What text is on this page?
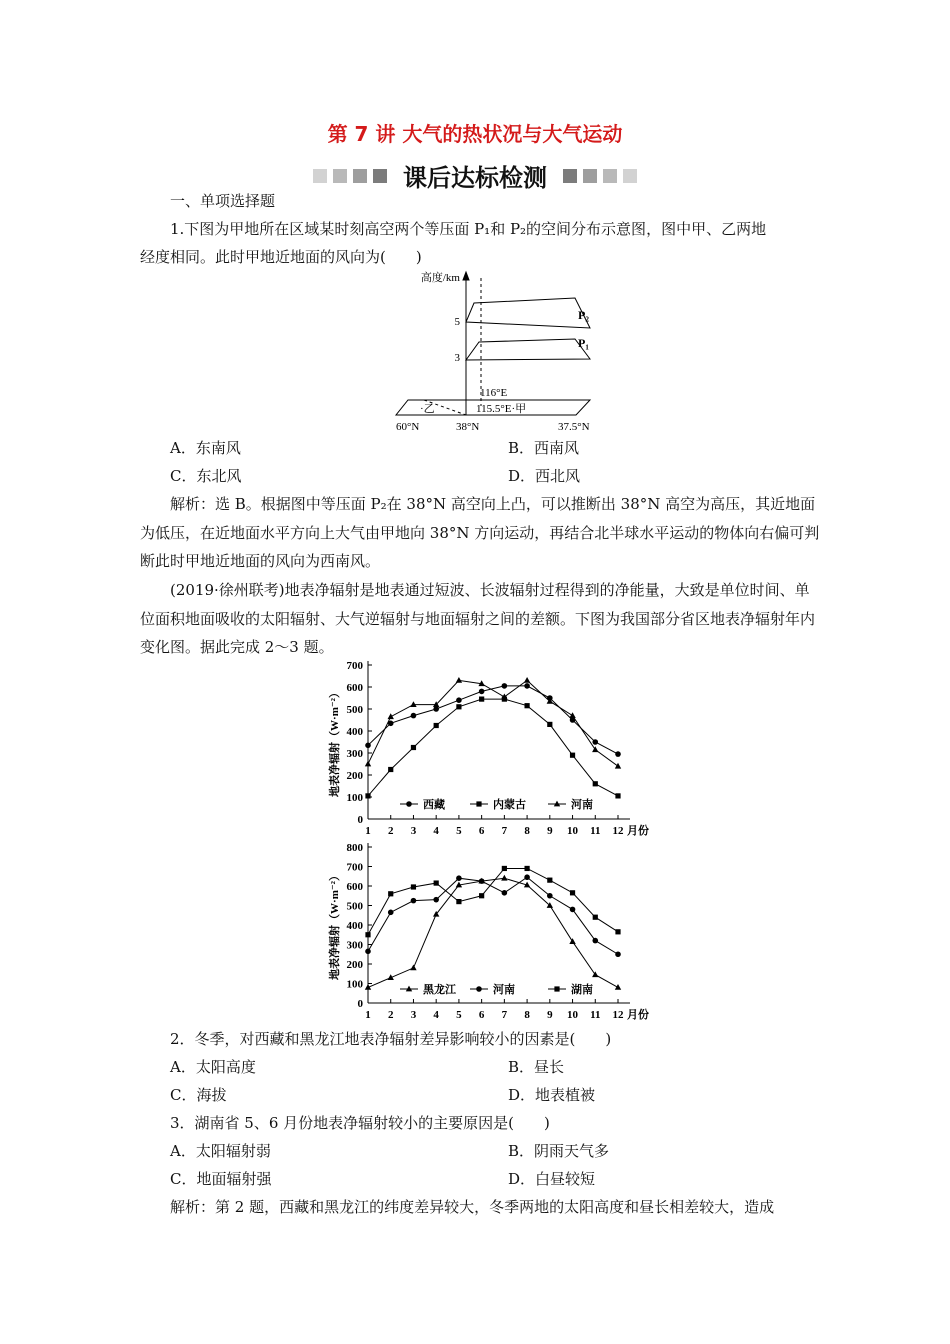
第 7 讲 大气的热状况与大气运动
课后达标检测
一、单项选择题
1.下图为甲地所在区域某时刻高空两个等压面 P₁和 P₂的空间分布示意图，图中甲、乙两地
经度相同。此时甲地近地面的风向为(　　)
高度/km
5
3
P₂
P₁
116°E
115.5°E·甲
·乙
60°N	38°N	37.5°N
A．东南风	B．西南风
C．东北风	D．西北风
解析：选 B。根据图中等压面 P₂在 38°N 高空向上凸，可以推断出 38°N 高空为高压，其近地面为低压，在近地面水平方向上大气由甲地向 38°N 方向运动，再结合北半球水平运动的物体向右偏可判断此时甲地近地面的风向为西南风。
(2019·徐州联考)地表净辐射是地表通过短波、长波辐射过程得到的净能量，大致是单位时间、单位面积地面吸收的太阳辐射、大气逆辐射与地面辐射之间的差额。下图为我国部分省区地表净辐射年内变化图。据此完成 2～3 题。
0
100
200
300
400
500
600
700
1 2 3 4 5 6 7 8 9 10 11 12 月份
地表净辐射（W·m⁻²）
西藏	内蒙古	河南
0
100
200
300
400
500
600
700
800
1 2 3 4 5 6 7 8 9 10 11 12 月份
地表净辐射（W·m⁻²）
黑龙江	河南	湖南
2．冬季，对西藏和黑龙江地表净辐射差异影响较小的因素是(　　)
A．太阳高度	B．昼长
C．海拔	D．地表植被
3．湖南省 5、6 月份地表净辐射较小的主要原因是(　　)
A．太阳辐射弱	B．阴雨天气多
C．地面辐射强	D．白昼较短
解析：第 2 题，西藏和黑龙江的纬度差异较大，冬季两地的太阳高度和昼长相差较大，造成
